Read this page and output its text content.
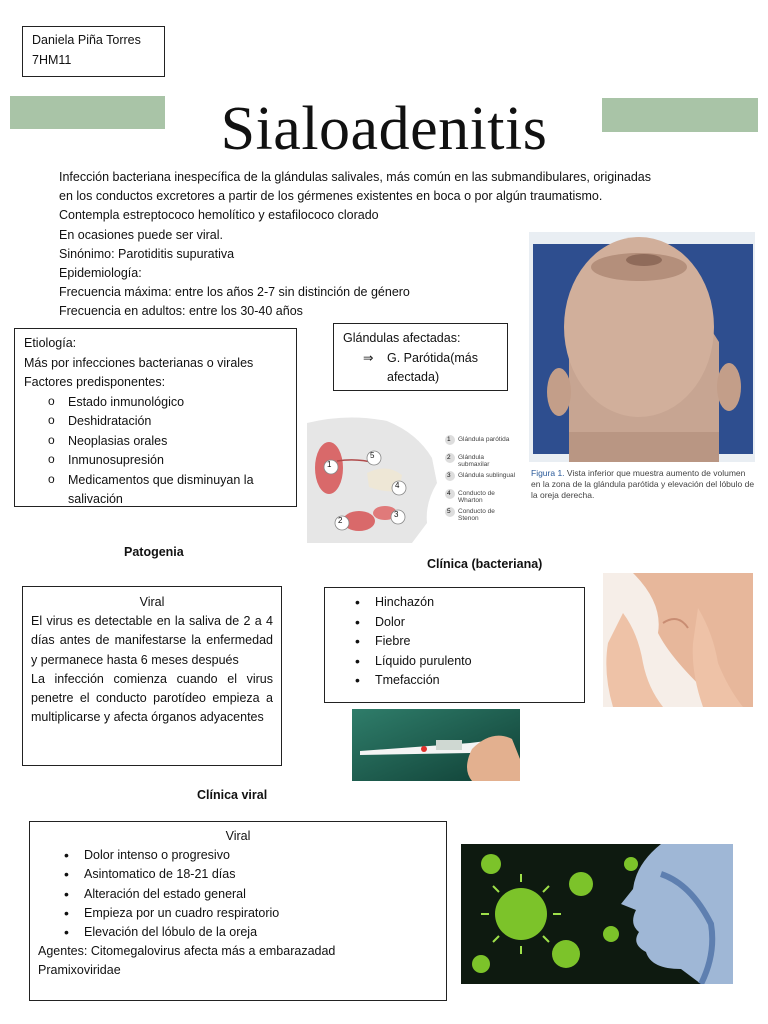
Daniela Piña Torres
7HM11
Sialoadenitis
Infección bacteriana inespecífica de la glándulas salivales, más común en las submandibulares, originadas
en los conductos excretores a partir de los gérmenes existentes en boca o por algún traumatismo.
Contempla estreptococo hemolítico y estafilococo clorado
En ocasiones puede ser viral.
Sinónimo: Parotiditis supurativa
Epidemiología:
Frecuencia máxima: entre los años 2-7 sin distinción de género
Frecuencia en adultos: entre los 30-40 años
Figura 1. Vista inferior que muestra aumento de volumen en la zona de la glándula parótida y elevación del lóbulo de la oreja derecha.
Etiología:
Más por infecciones bacterianas o virales
Factores predisponentes:
o Estado inmunológico
o Deshidratación
o Neoplasias orales
o Inmunosupresión
o Medicamentos que disminuyan la salivación
Glándulas afectadas:
⇒ G. Parótida(más
afectada)
1
2
3
4
5
1
2
3
4
5
Glándula parótida
Glándula submaxilar
Glándula sublingual
Conducto de Wharton
Conducto de Stenon
Patogenia
Clínica (bacteriana)
Viral
El virus es detectable en la saliva de 2 a 4 días antes de manifestarse la enfermedad y permanece hasta 6 meses después
La infección comienza cuando el virus penetre el conducto parotídeo empieza a multiplicarse y afecta órganos adyacentes
• Hinchazón
• Dolor
• Fiebre
• Líquido purulento
• Tmefacción
Clínica viral
Viral
• Dolor intenso o progresivo
• Asintomatico de 18-21 días
• Alteración del estado general
• Empieza por un cuadro respiratorio
• Elevación del lóbulo de la oreja
Agentes: Citomegalovirus afecta más a embarazadad
Pramixoviridae
